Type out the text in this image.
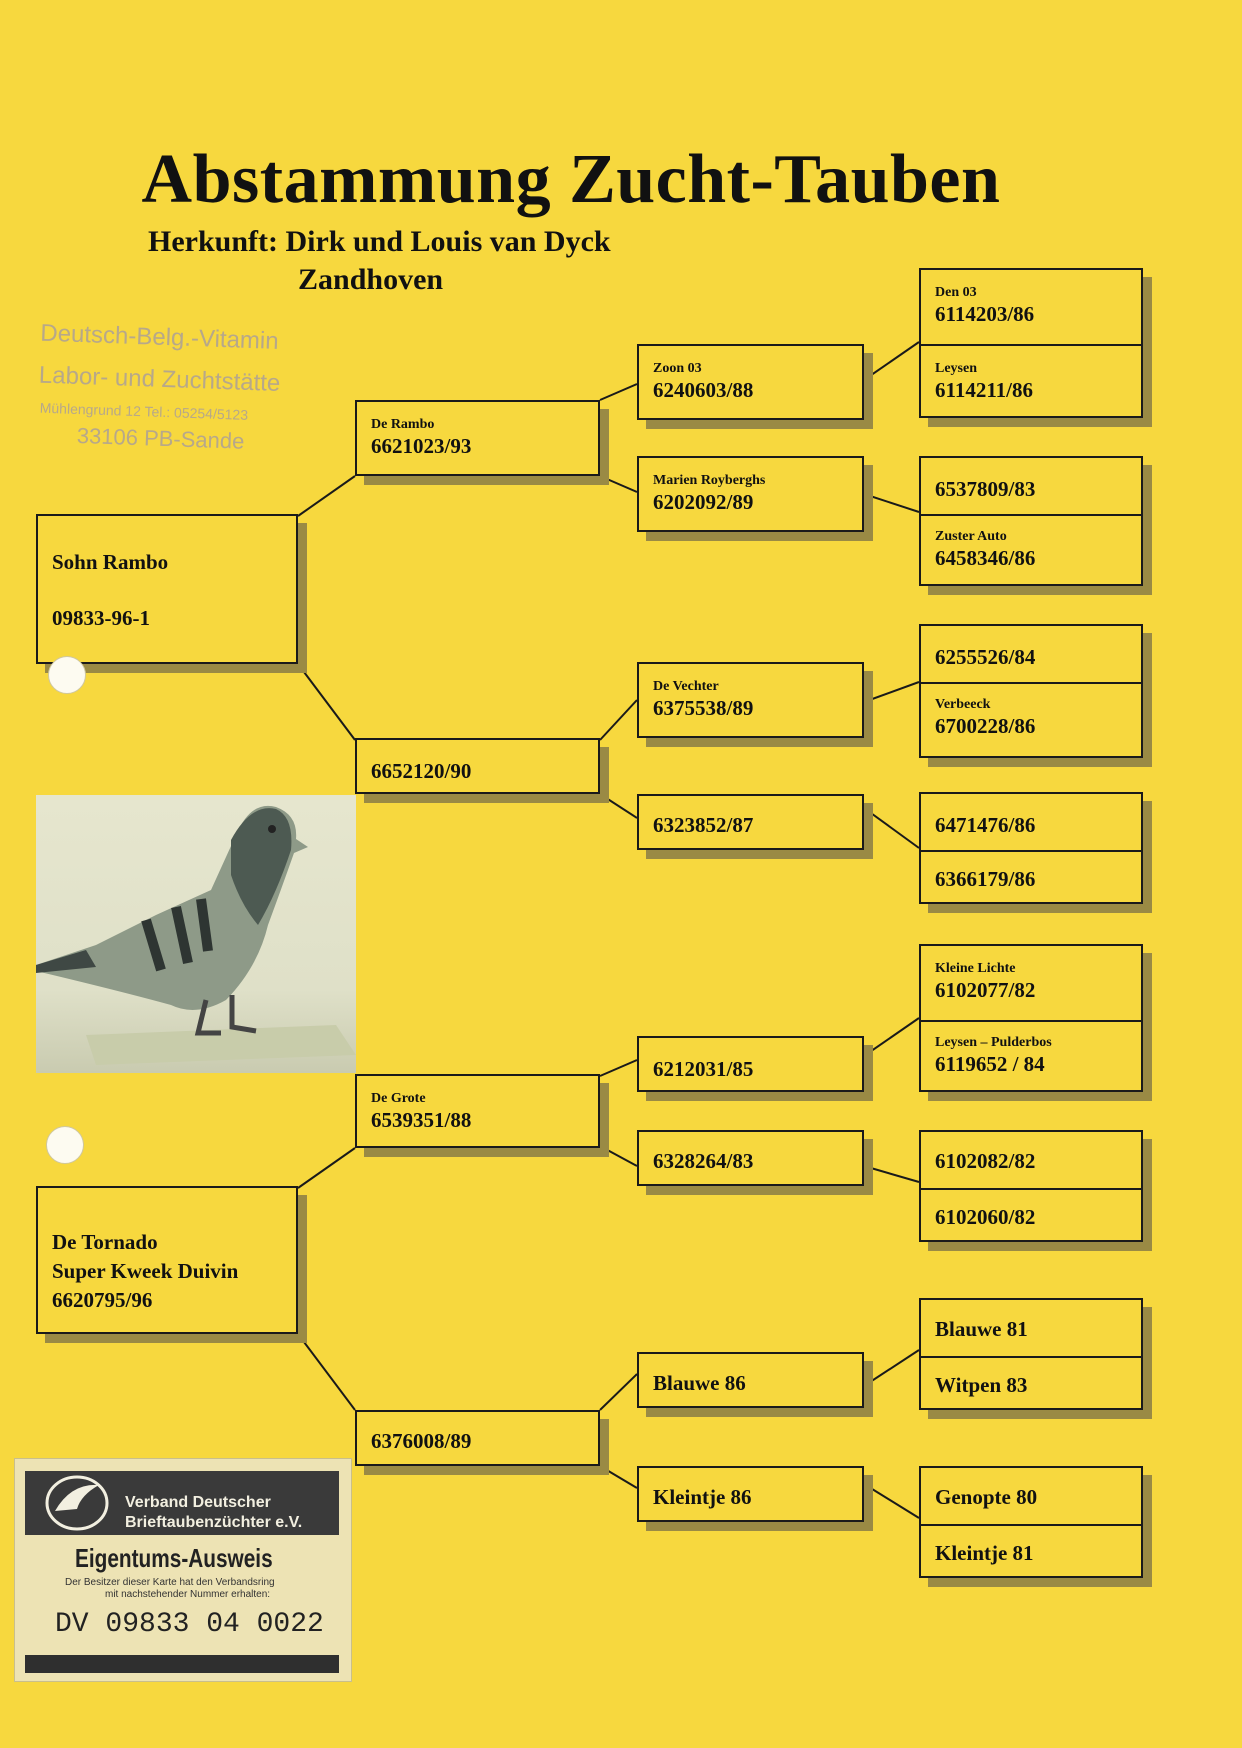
Abstammung Zucht-Tauben
Herkunft: Dirk und Louis van Dyck
Zandhoven
Deutsch-Belg.-Vitamin
Labor- und Zuchtstätte
Mühlengrund 12 Tel.: 05254/5123
33106 PB-Sande
Sohn Rambo
09833-96-1
De Rambo
6621023/93
6652120/90
Zoon 03
6240603/88
Marien Royberghs
6202092/89
De Vechter
6375538/89
6323852/87
Den 03
6114203/86
Leysen
6114211/86
6537809/83
Zuster Auto
6458346/86
6255526/84
Verbeeck
6700228/86
6471476/86
6366179/86
De Tornado
Super Kweek Duivin
6620795/96
De Grote
6539351/88
6376008/89
6212031/85
6328264/83
Blauwe 86
Kleintje 86
Kleine Lichte
6102077/82
Leysen – Pulderbos
6119652 / 84
6102082/82
6102060/82
Blauwe 81
Witpen 83
Genopte 80
Kleintje 81
Verband Deutscher
Brieftaubenzüchter e.V.
Eigentums-Ausweis
Der Besitzer dieser Karte hat den Verbandsring
mit nachstehender Nummer erhalten:
DV 09833 04 0022
